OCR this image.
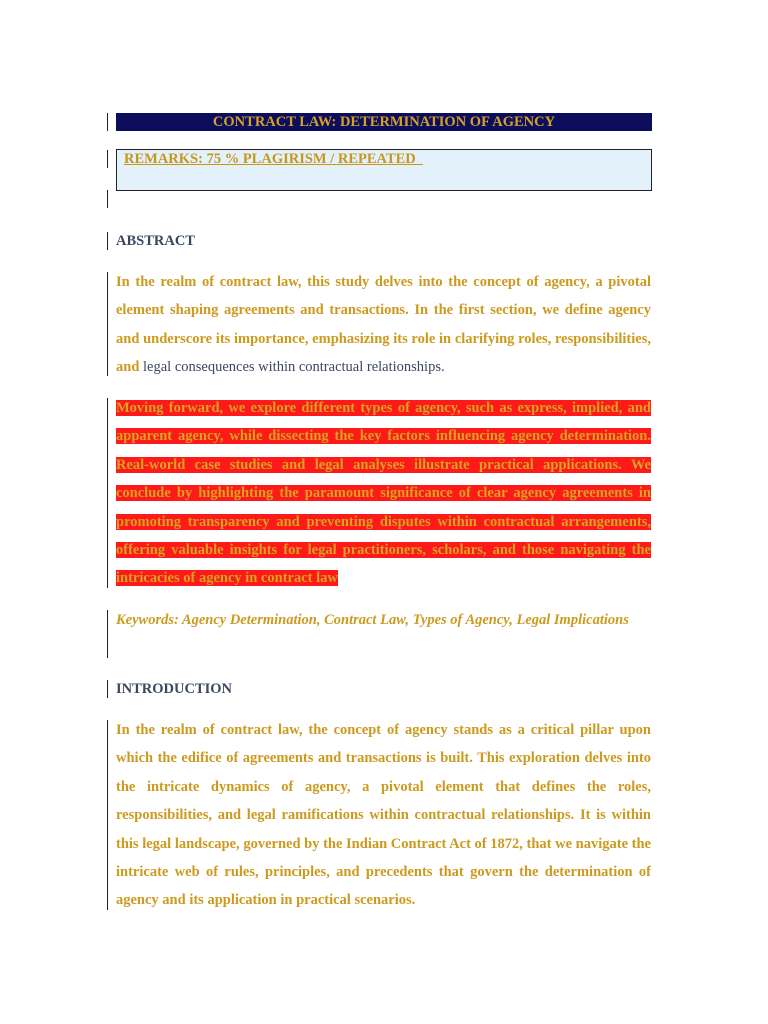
CONTRACT LAW: DETERMINATION OF AGENCY
REMARKS: 75 % PLAGIRISM / REPEATED
ABSTRACT

In the realm of contract law, this study delves into the concept of agency, a pivotal element shaping agreements and transactions. In the first section, we define agency and underscore its importance, emphasizing its role in clarifying roles, responsibilities, and legal consequences within contractual relationships.

Moving forward, we explore different types of agency, such as express, implied, and apparent agency, while dissecting the key factors influencing agency determination. Real-world case studies and legal analyses illustrate practical applications. We conclude by highlighting the paramount significance of clear agency agreements in promoting transparency and preventing disputes within contractual arrangements, offering valuable insights for legal practitioners, scholars, and those navigating the intricacies of agency in contract law

Keywords: Agency Determination, Contract Law, Types of Agency, Legal Implications

INTRODUCTION

In the realm of contract law, the concept of agency stands as a critical pillar upon which the edifice of agreements and transactions is built. This exploration delves into the intricate dynamics of agency, a pivotal element that defines the roles, responsibilities, and legal ramifications within contractual relationships. It is within this legal landscape, governed by the Indian Contract Act of 1872, that we navigate the intricate web of rules, principles, and precedents that govern the determination of agency and its application in practical scenarios.
